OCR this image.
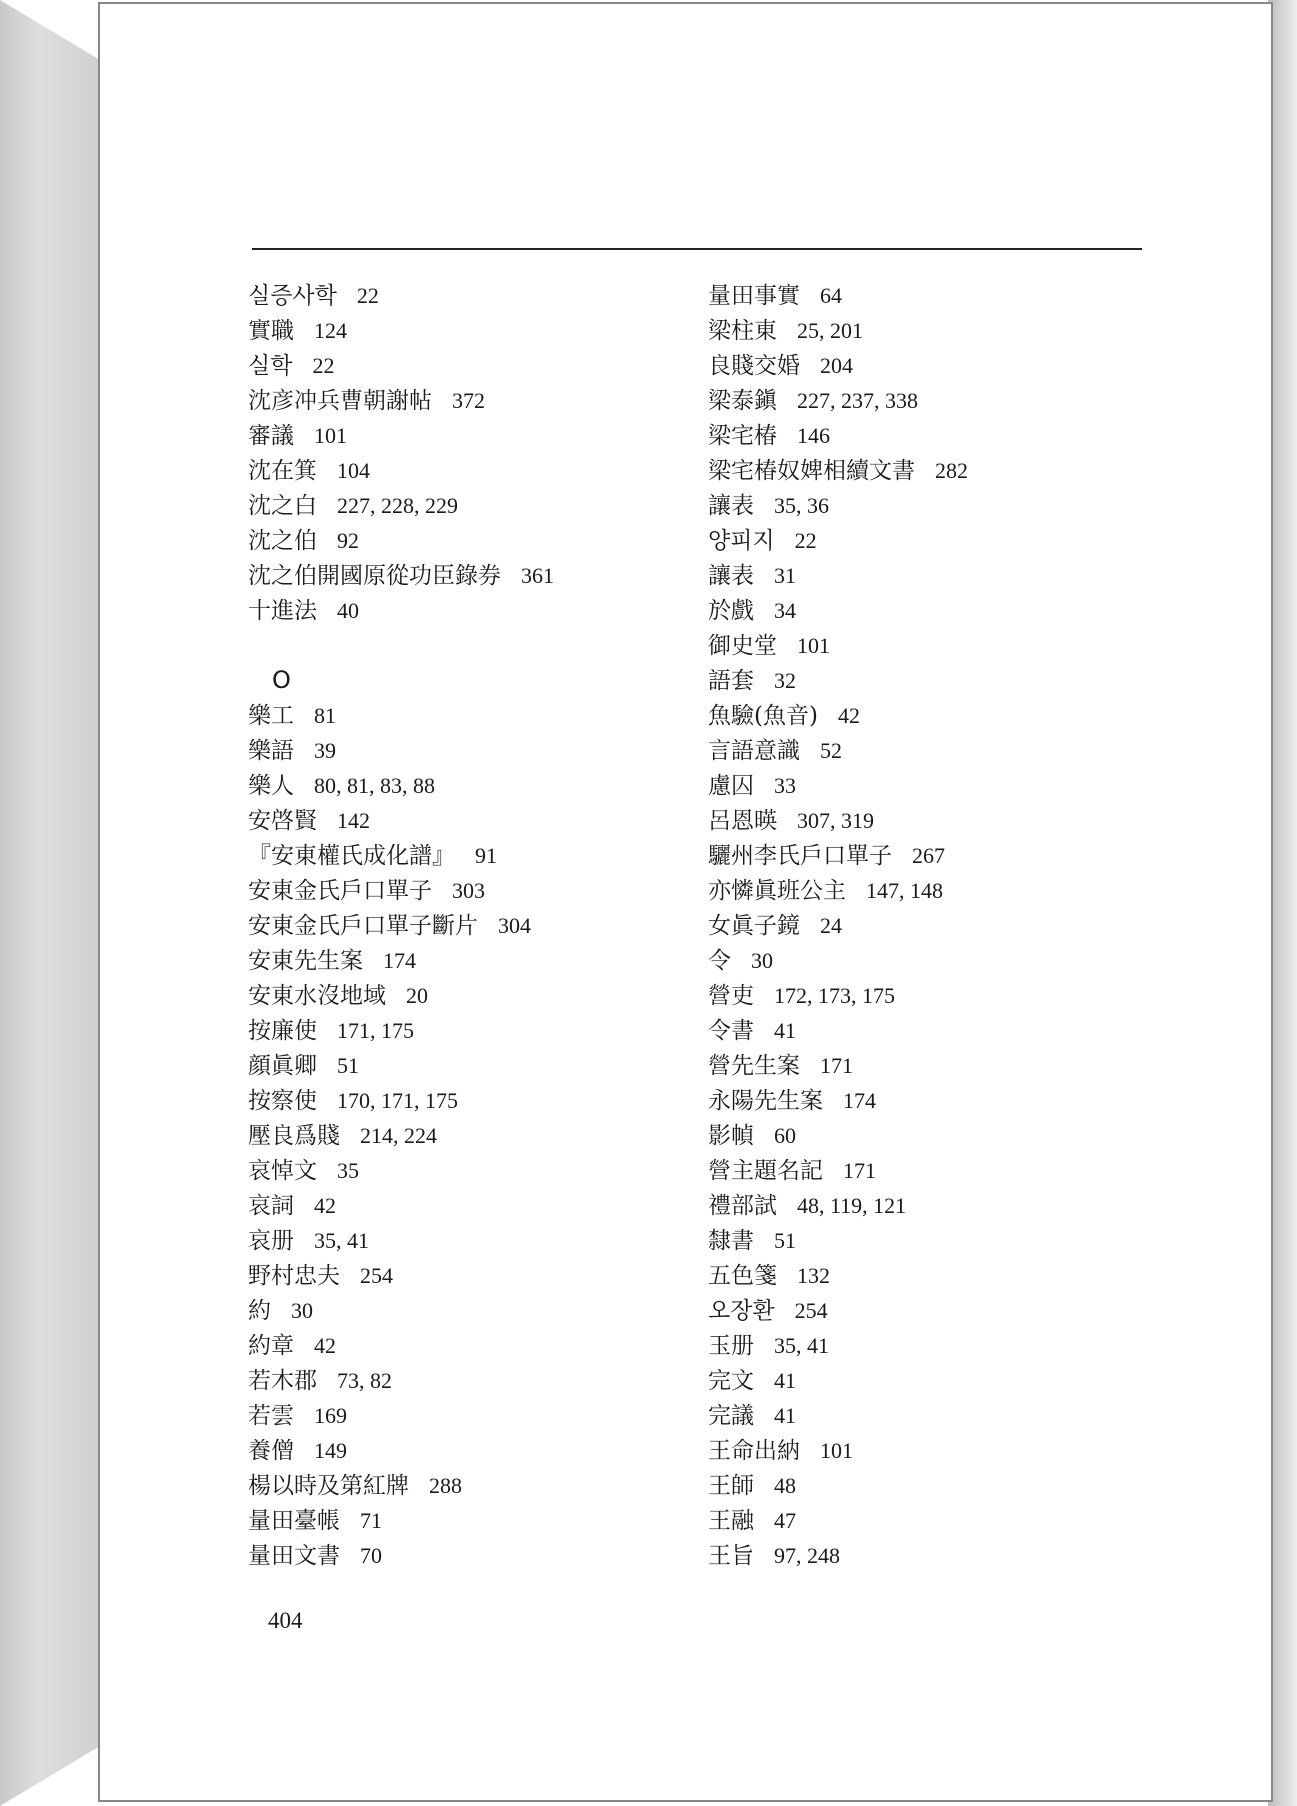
실증사학 22
實職 124
실학 22
沈彦冲兵曹朝謝帖 372
審議 101
沈在箕 104
沈之白 227, 228, 229
沈之伯 92
沈之伯開國原從功臣錄券 361
十進法 40
O
樂工 81
樂語 39
樂人 80, 81, 83, 88
安啓賢 142
『安東權氏成化譜』 91
安東金氏戶口單子 303
安東金氏戶口單子斷片 304
安東先生案 174
安東水沒地域 20
按廉使 171, 175
顔眞卿 51
按察使 170, 171, 175
壓良爲賤 214, 224
哀悼文 35
哀詞 42
哀册 35, 41
野村忠夫 254
約 30
約章 42
若木郡 73, 82
若雲 169
養僧 149
楊以時及第紅牌 288
量田臺帳 71
量田文書 70
量田事實 64
梁柱東 25, 201
良賤交婚 204
梁泰鎭 227, 237, 338
梁宅椿 146
梁宅椿奴婢相續文書 282
讓表 35, 36
양피지 22
讓表 31
於戲 34
御史堂 101
語套 32
魚驗(魚音) 42
言語意識 52
慮囚 33
呂恩暎 307, 319
驪州李氏戶口單子 267
亦憐眞班公主 147, 148
女眞子鏡 24
令 30
營吏 172, 173, 175
令書 41
營先生案 171
永陽先生案 174
影幀 60
營主題名記 171
禮部試 48, 119, 121
隸書 51
五色箋 132
오장환 254
玉册 35, 41
完文 41
完議 41
王命出納 101
王師 48
王融 47
王旨 97, 248
404
